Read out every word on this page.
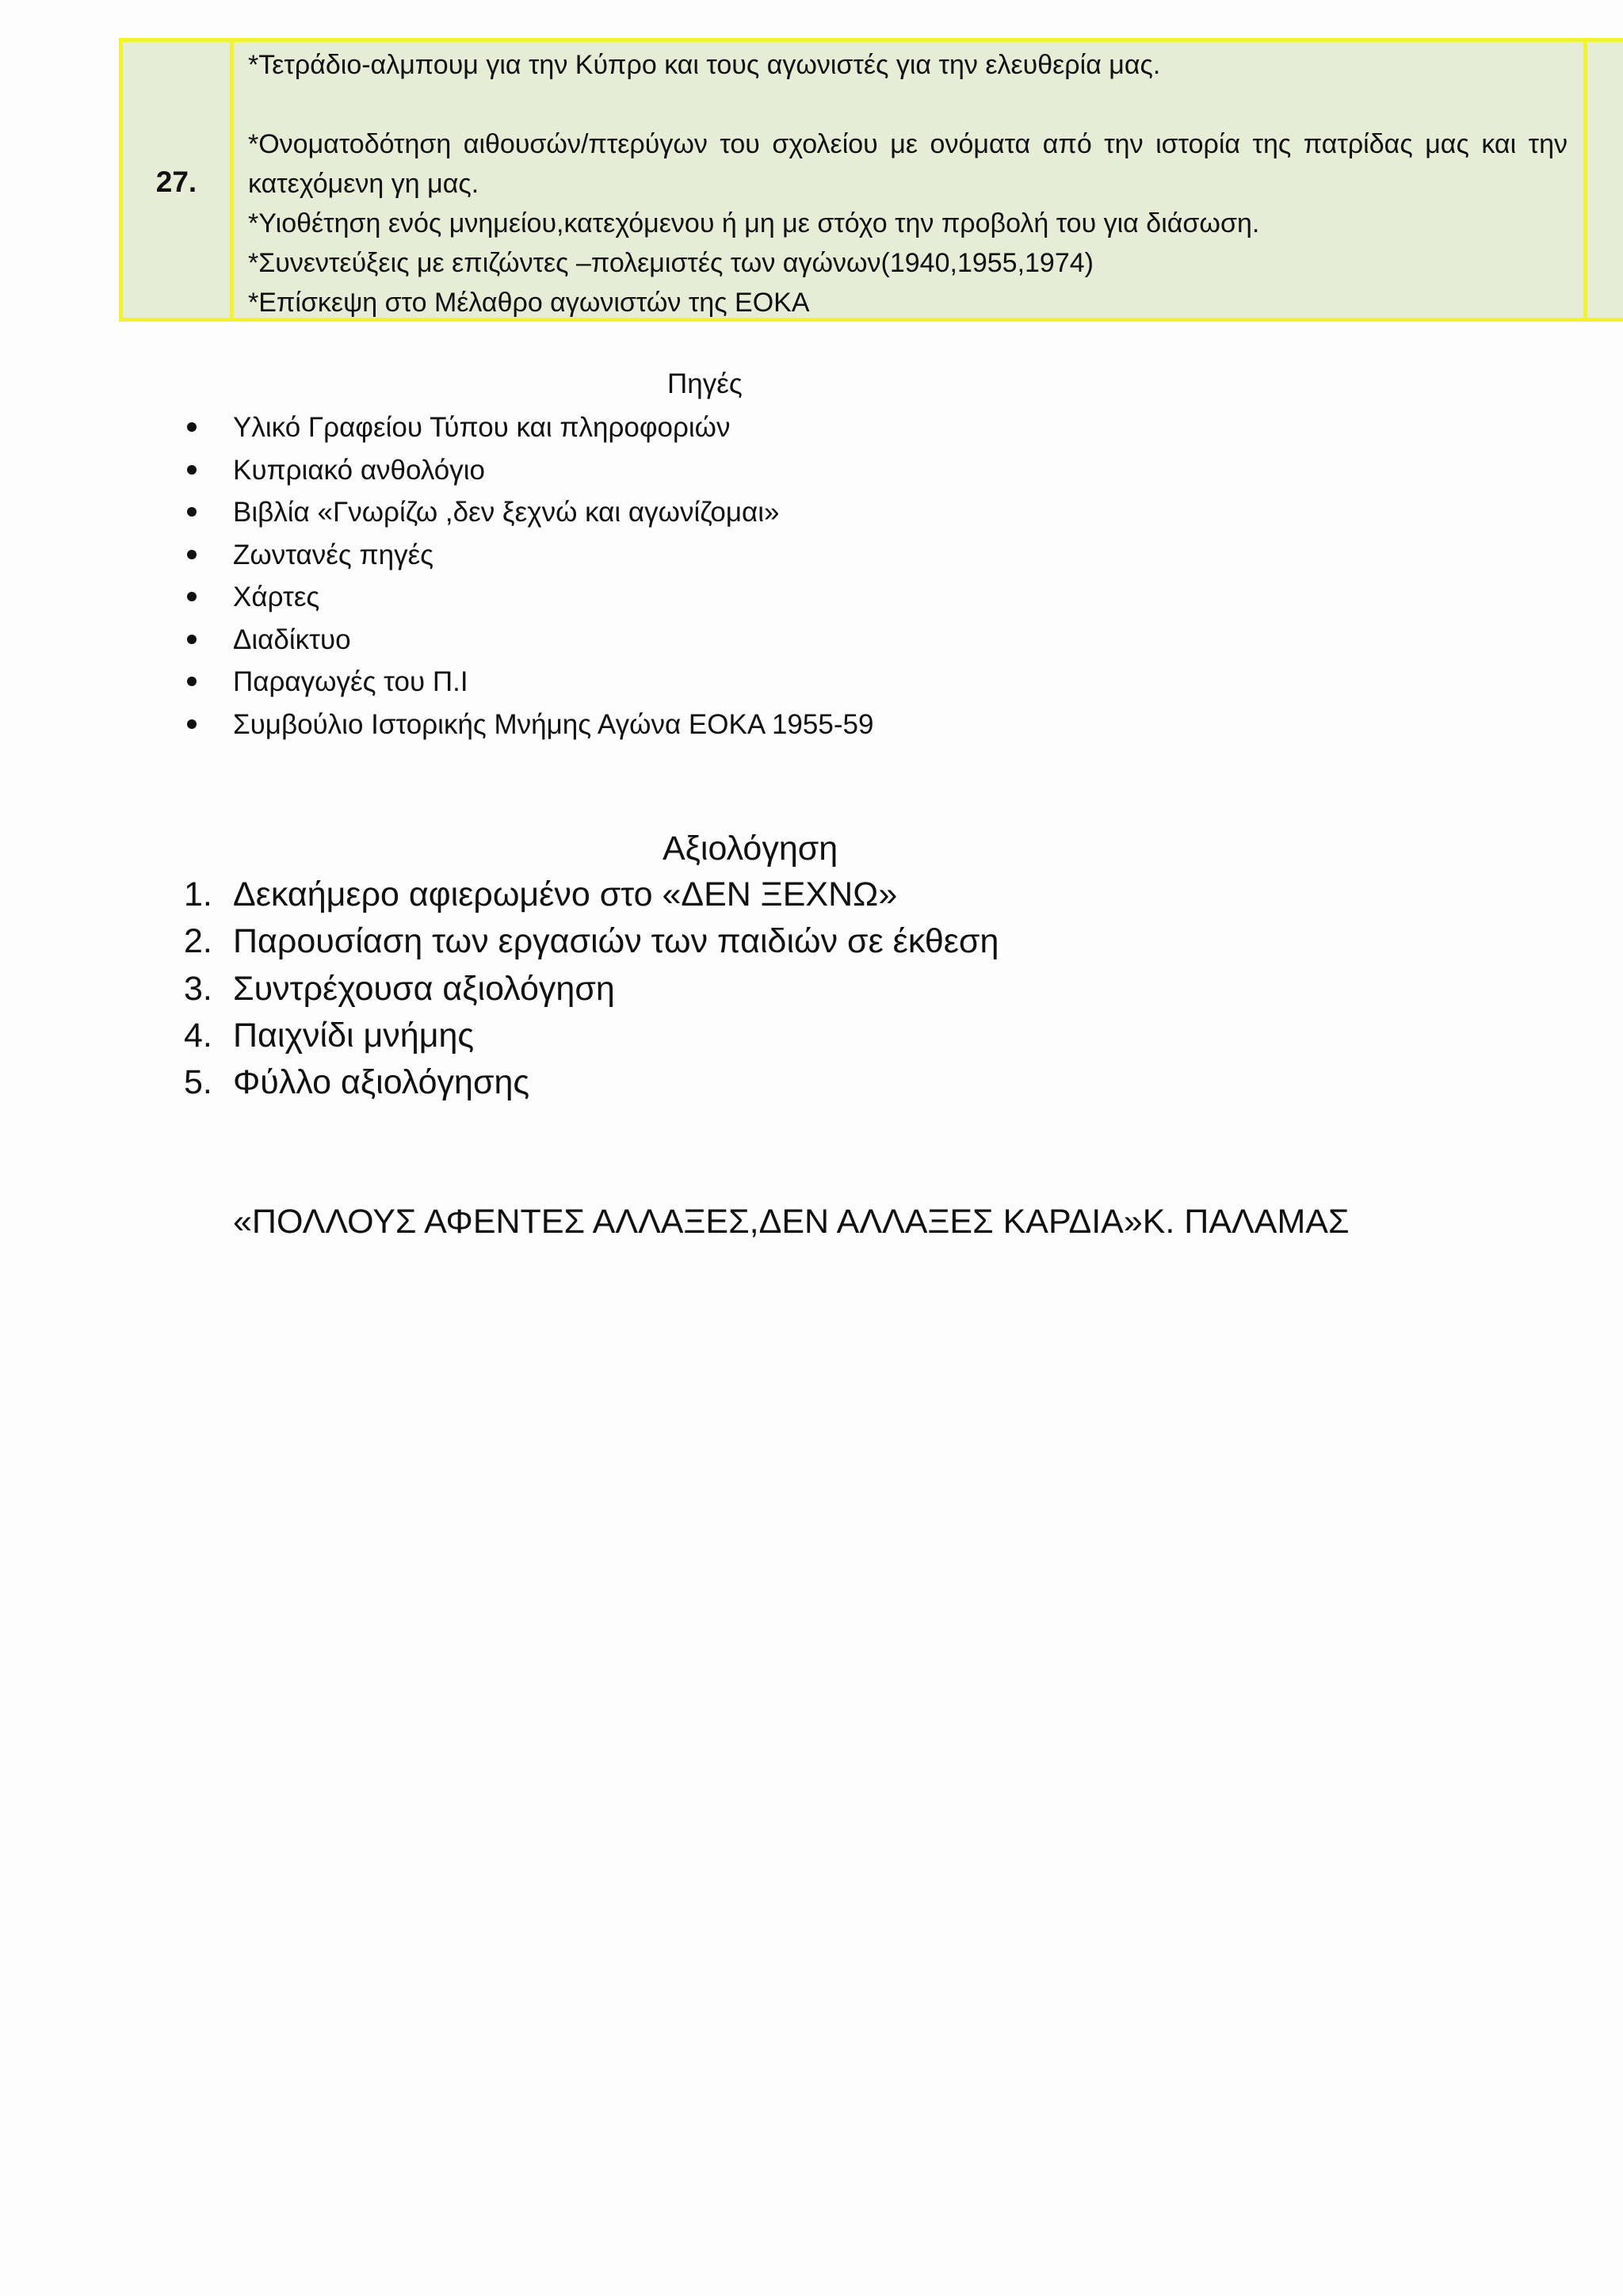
27.

*Τετράδιο-αλμπουμ για την Κύπρο και τους αγωνιστές για την ελευθερία μας.

*Ονοματοδότηση αιθουσών/πτερύγων του σχολείου με ονόματα από την ιστορία της πατρίδας μας και την κατεχόμενη γη μας.

*Υιοθέτηση ενός μνημείου,κατεχόμενου ή μη με στόχο την προβολή του για διάσωση.

*Συνεντεύξεις με επιζώντες –πολεμιστές των αγώνων(1940,1955,1974)

*Επίσκεψη στο Μέλαθρο αγωνιστών της ΕΟΚΑ

Πηγές
Υλικό Γραφείου Τύπου και πληροφοριών
Κυπριακό ανθολόγιο
Βιβλία «Γνωρίζω ,δεν ξεχνώ και αγωνίζομαι»
Ζωντανές πηγές
Χάρτες
Διαδίκτυο
Παραγωγές του Π.Ι
Συμβούλιο Ιστορικής Μνήμης Αγώνα ΕΟΚΑ 1955-59
Αξιολόγηση
1. Δεκαήμερο αφιερωμένο στο «ΔΕΝ ΞΕΧΝΩ»
2. Παρουσίαση των εργασιών των παιδιών σε έκθεση
3. Συντρέχουσα αξιολόγηση
4. Παιχνίδι μνήμης
5. Φύλλο αξιολόγησης
«ΠΟΛΛΟΥΣ ΑΦΕΝΤΕΣ ΑΛΛΑΞΕΣ,ΔΕΝ ΑΛΛΑΞΕΣ ΚΑΡΔΙΑ»Κ. ΠΑΛΑΜΑΣ
